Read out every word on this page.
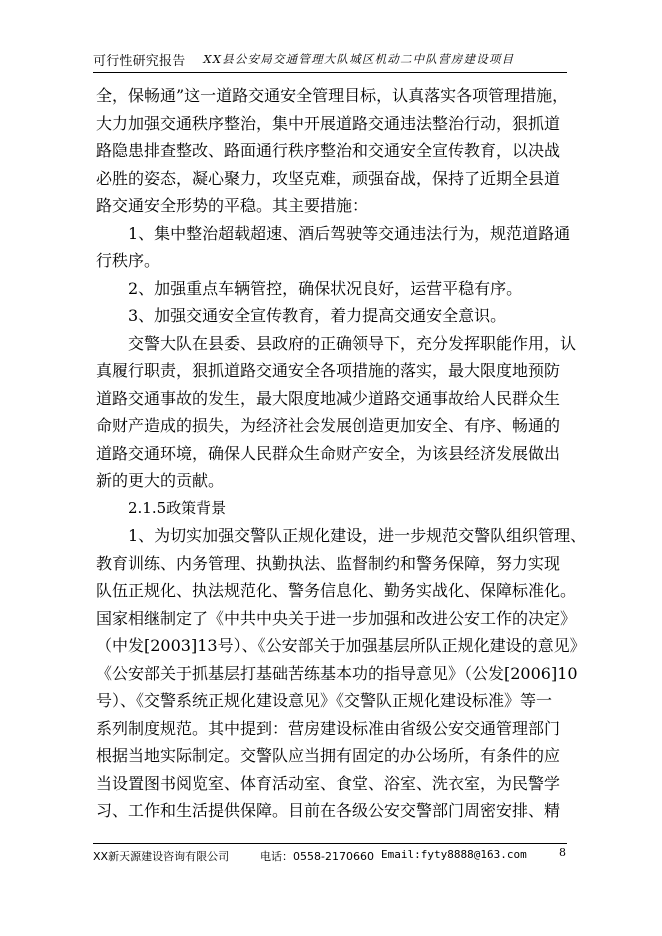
可行性研究报告 XX县公安局交通管理大队城区机动二中队营房建设项目
全，保畅通”这一道路交通安全管理目标，认真落实各项管理措施，
大力加强交通秩序整治，集中开展道路交通违法整治行动，狠抓道
路隐患排查整改、路面通行秩序整治和交通安全宣传教育，以决战
必胜的姿态，凝心聚力，攻坚克难，顽强奋战，保持了近期全县道
路交通安全形势的平稳。其主要措施：
1、集中整治超载超速、酒后驾驶等交通违法行为，规范道路通
行秩序。
2、加强重点车辆管控，确保状况良好，运营平稳有序。
3、加强交通安全宣传教育，着力提高交通安全意识。
交警大队在县委、县政府的正确领导下，充分发挥职能作用，认
真履行职责，狠抓道路交通安全各项措施的落实，最大限度地预防
道路交通事故的发生，最大限度地减少道路交通事故给人民群众生
命财产造成的损失，为经济社会发展创造更加安全、有序、畅通的
道路交通环境，确保人民群众生命财产安全，为该县经济发展做出
新的更大的贡献。
2.1.5政策背景
1、为切实加强交警队正规化建设，进一步规范交警队组织管理、
教育训练、内务管理、执勤执法、监督制约和警务保障，努力实现
队伍正规化、执法规范化、警务信息化、勤务实战化、保障标准化。
国家相继制定了《中共中央关于进一步加强和改进公安工作的决定》
（中发[2003]13号）、《公安部关于加强基层所队正规化建设的意见》
《公安部关于抓基层打基础苦练基本功的指导意见》（公发[2006]10
号）、《交警系统正规化建设意见》《交警队正规化建设标准》等一
系列制度规范。其中提到：营房建设标准由省级公安交通管理部门
根据当地实际制定。交警队应当拥有固定的办公场所，有条件的应
当设置图书阅览室、体育活动室、食堂、浴室、洗衣室，为民警学
习、工作和生活提供保障。目前在各级公安交警部门周密安排、精
XX新天源建设咨询有限公司	电话：0558-2170660 Email:fyty8888@163.com	8
